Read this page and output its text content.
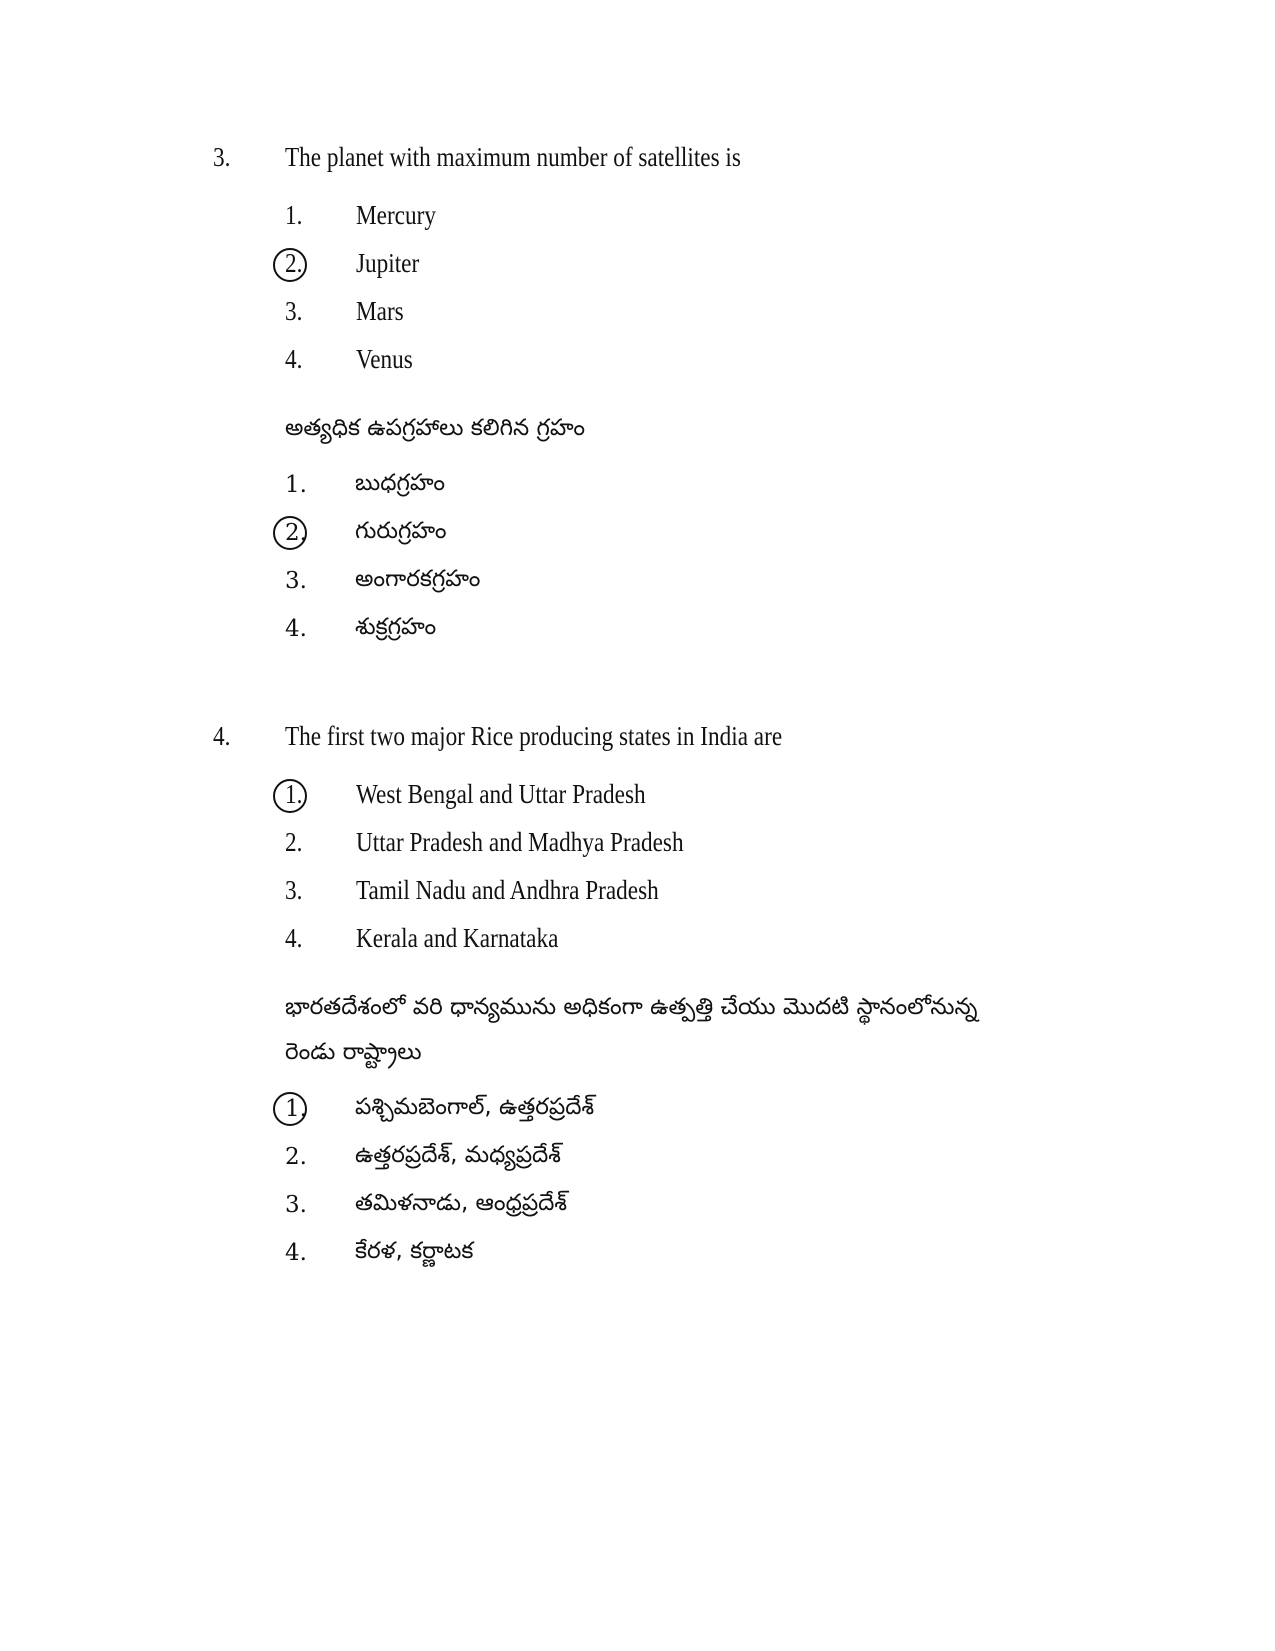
3. The planet with maximum number of satellites is
1. Mercury
2. Jupiter
3. Mars
4. Venus
అత్యధిక ఉపగ్రహాలు కలిగిన గ్రహం
1. బుధగ్రహం
2. గురుగ్రహం
3. అంగారకగ్రహం
4. శుక్రగ్రహం
4. The first two major Rice producing states in India are
1. West Bengal and Uttar Pradesh
2. Uttar Pradesh and Madhya Pradesh
3. Tamil Nadu and Andhra Pradesh
4. Kerala and Karnataka
భారతదేశంలో వరి ధాన్యమును అధికంగా ఉత్పత్తి చేయు మొదటి స్థానంలోనున్న
రెండు రాష్ట్రాలు
1. పశ్చిమబెంగాల్, ఉత్తరప్రదేశ్
2. ఉత్తరప్రదేశ్, మధ్యప్రదేశ్
3. తమిళనాడు, ఆంధ్రప్రదేశ్
4. కేరళ, కర్ణాటక
